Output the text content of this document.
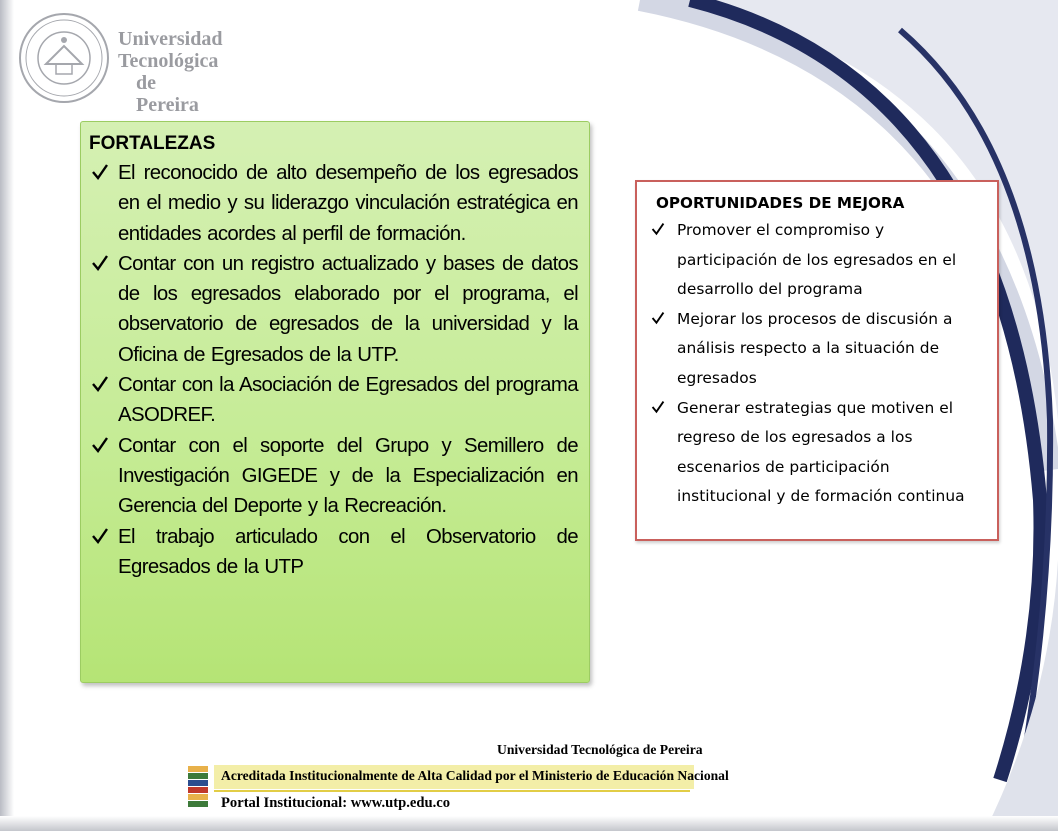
Universidad
Tecnológica
de Pereira
FORTALEZAS
El reconocido de alto desempeño de los egresados en el medio y su liderazgo vinculación estratégica en entidades acordes al perfil de formación.
Contar con un registro actualizado y bases de datos de los egresados elaborado por el programa, el observatorio de egresados de la universidad y la Oficina de Egresados de la UTP.
Contar con la Asociación de Egresados del programa ASODREF.
Contar con el soporte del Grupo y Semillero de Investigación GIGEDE y de la Especialización en Gerencia del Deporte y la Recreación.
El trabajo articulado con el Observatorio de Egresados de la UTP
OPORTUNIDADES DE MEJORA
Promover el compromiso y participación de los egresados en el desarrollo del programa
Mejorar los procesos de discusión a análisis respecto a la situación de egresados
Generar estrategias que motiven el regreso de los egresados a los escenarios de participación institucional y de formación continua
Universidad Tecnológica de Pereira
Acreditada Institucionalmente de Alta Calidad por el Ministerio de Educación Nacional
Portal Institucional: www.utp.edu.co
